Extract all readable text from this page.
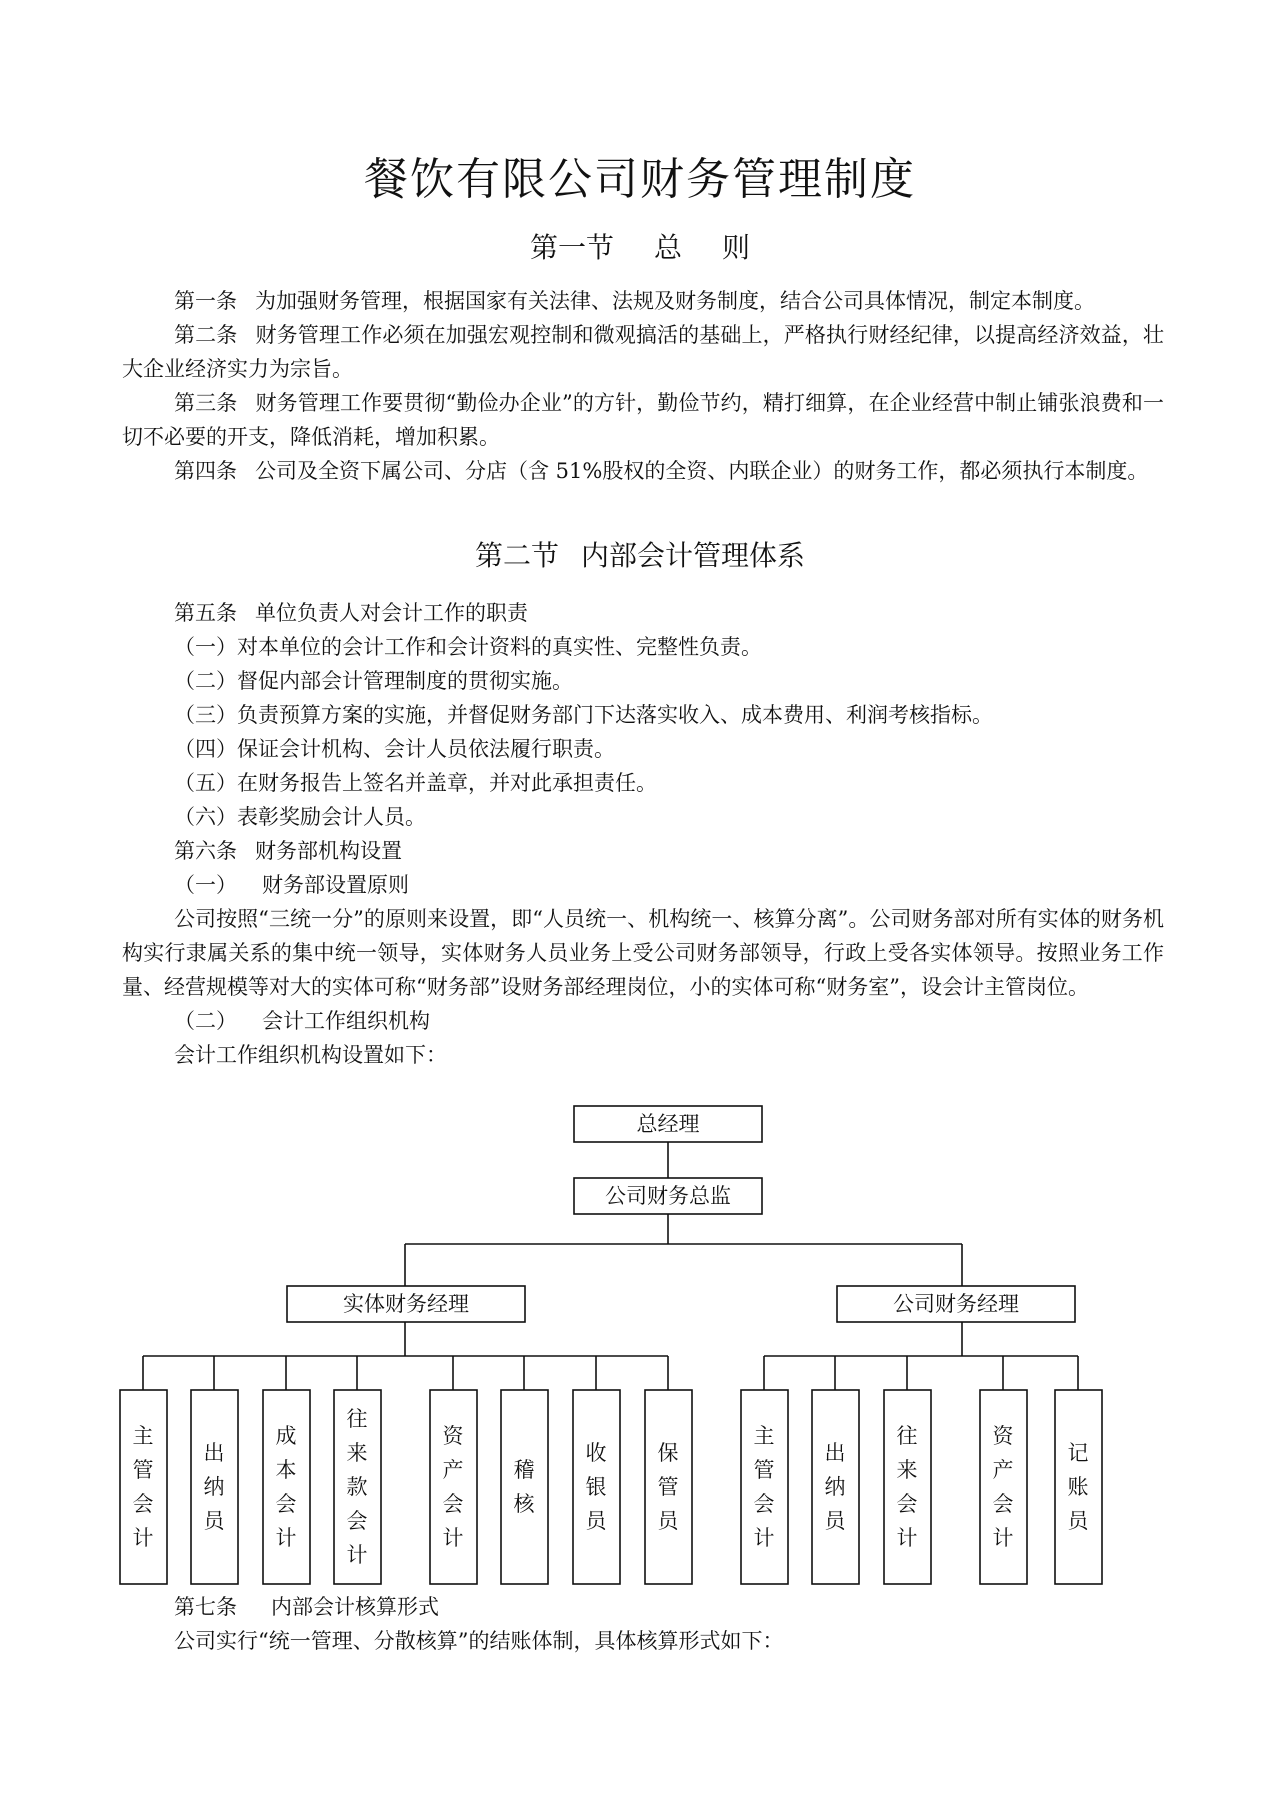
餐饮有限公司财务管理制度
第一节 总 则

第一条 为加强财务管理，根据国家有关法律、法规及财务制度，结合公司具体情况，制定本制度。

第二条 财务管理工作必须在加强宏观控制和微观搞活的基础上，严格执行财经纪律，以提高经济效益，壮大企业经济实力为宗旨。

第三条 财务管理工作要贯彻“勤俭办企业”的方针，勤俭节约，精打细算，在企业经营中制止铺张浪费和一切不必要的开支，降低消耗，增加积累。

第四条 公司及全资下属公司、分店（含 51%股权的全资、内联企业）的财务工作，都必须执行本制度。

第二节 内部会计管理体系

第五条 单位负责人对会计工作的职责

（一）对本单位的会计工作和会计资料的真实性、完整性负责。

（二）督促内部会计管理制度的贯彻实施。

（三）负责预算方案的实施，并督促财务部门下达落实收入、成本费用、利润考核指标。

（四）保证会计机构、会计人员依法履行职责。

（五）在财务报告上签名并盖章，并对此承担责任。

（六）表彰奖励会计人员。

第六条 财务部机构设置

（一） 财务部设置原则

公司按照“三统一分”的原则来设置，即“人员统一、机构统一、核算分离”。公司财务部对所有实体的财务机构实行隶属关系的集中统一领导，实体财务人员业务上受公司财务部领导，行政上受各实体领导。按照业务工作量、经营规模等对大的实体可称“财务部”设财务部经理岗位，小的实体可称“财务室”，设会计主管岗位。

（二） 会计工作组织机构

会计工作组织机构设置如下：

总经理
公司财务总监
实体财务经理	公司财务经理
主管会计
出纳员
成本会计
往来款会计
资产会计
稽核
收银员
保管员
主管会计
出纳员
往来会计
资产会计
记账员

第七条 内部会计核算形式

公司实行“统一管理、分散核算”的结账体制，具体核算形式如下：
